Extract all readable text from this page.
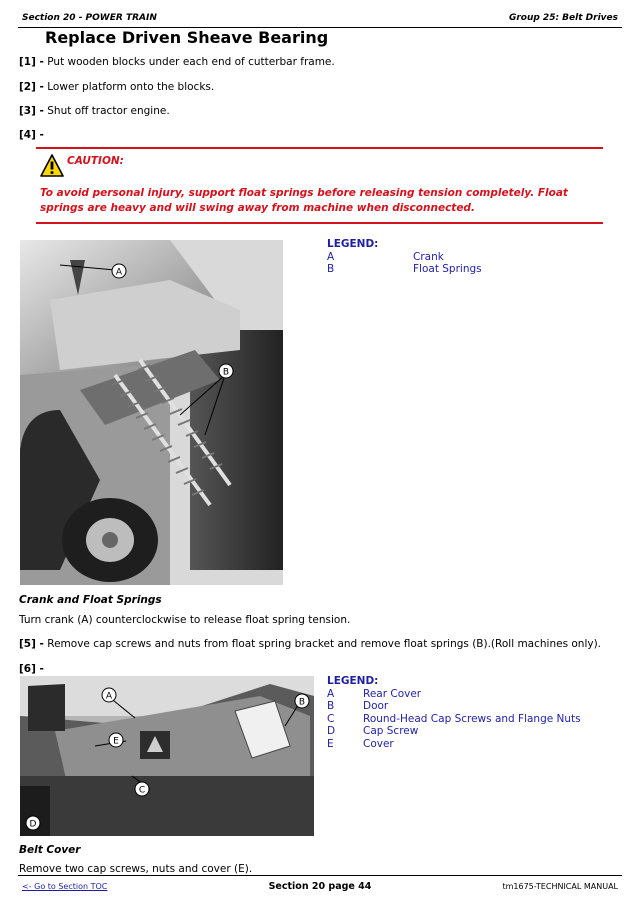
Section 20 - POWER TRAIN	Group 25: Belt Drives
Replace Driven Sheave Bearing
[1] - Put wooden blocks under each end of cutterbar frame.
[2] - Lower platform onto the blocks.
[3] - Shut off tractor engine.
[4] -
CAUTION:
To avoid personal injury, support float springs before releasing tension completely. Float springs are heavy and will swing away from machine when disconnected.
A
B
LEGEND:
A	Crank
B	Float Springs
Crank and Float Springs
Turn crank (A) counterclockwise to release float spring tension.
[5] - Remove cap screws and nuts from float spring bracket and remove float springs (B).(Roll machines only).
[6] -
A
B
C
D
E
LEGEND:
A	Rear Cover
B	Door
C	Round-Head Cap Screws and Flange Nuts
D	Cap Screw
E	Cover
Belt Cover
Remove two cap screws, nuts and cover (E).
<- Go to Section TOC	Section 20 page 44	tm1675-TECHNICAL MANUAL
